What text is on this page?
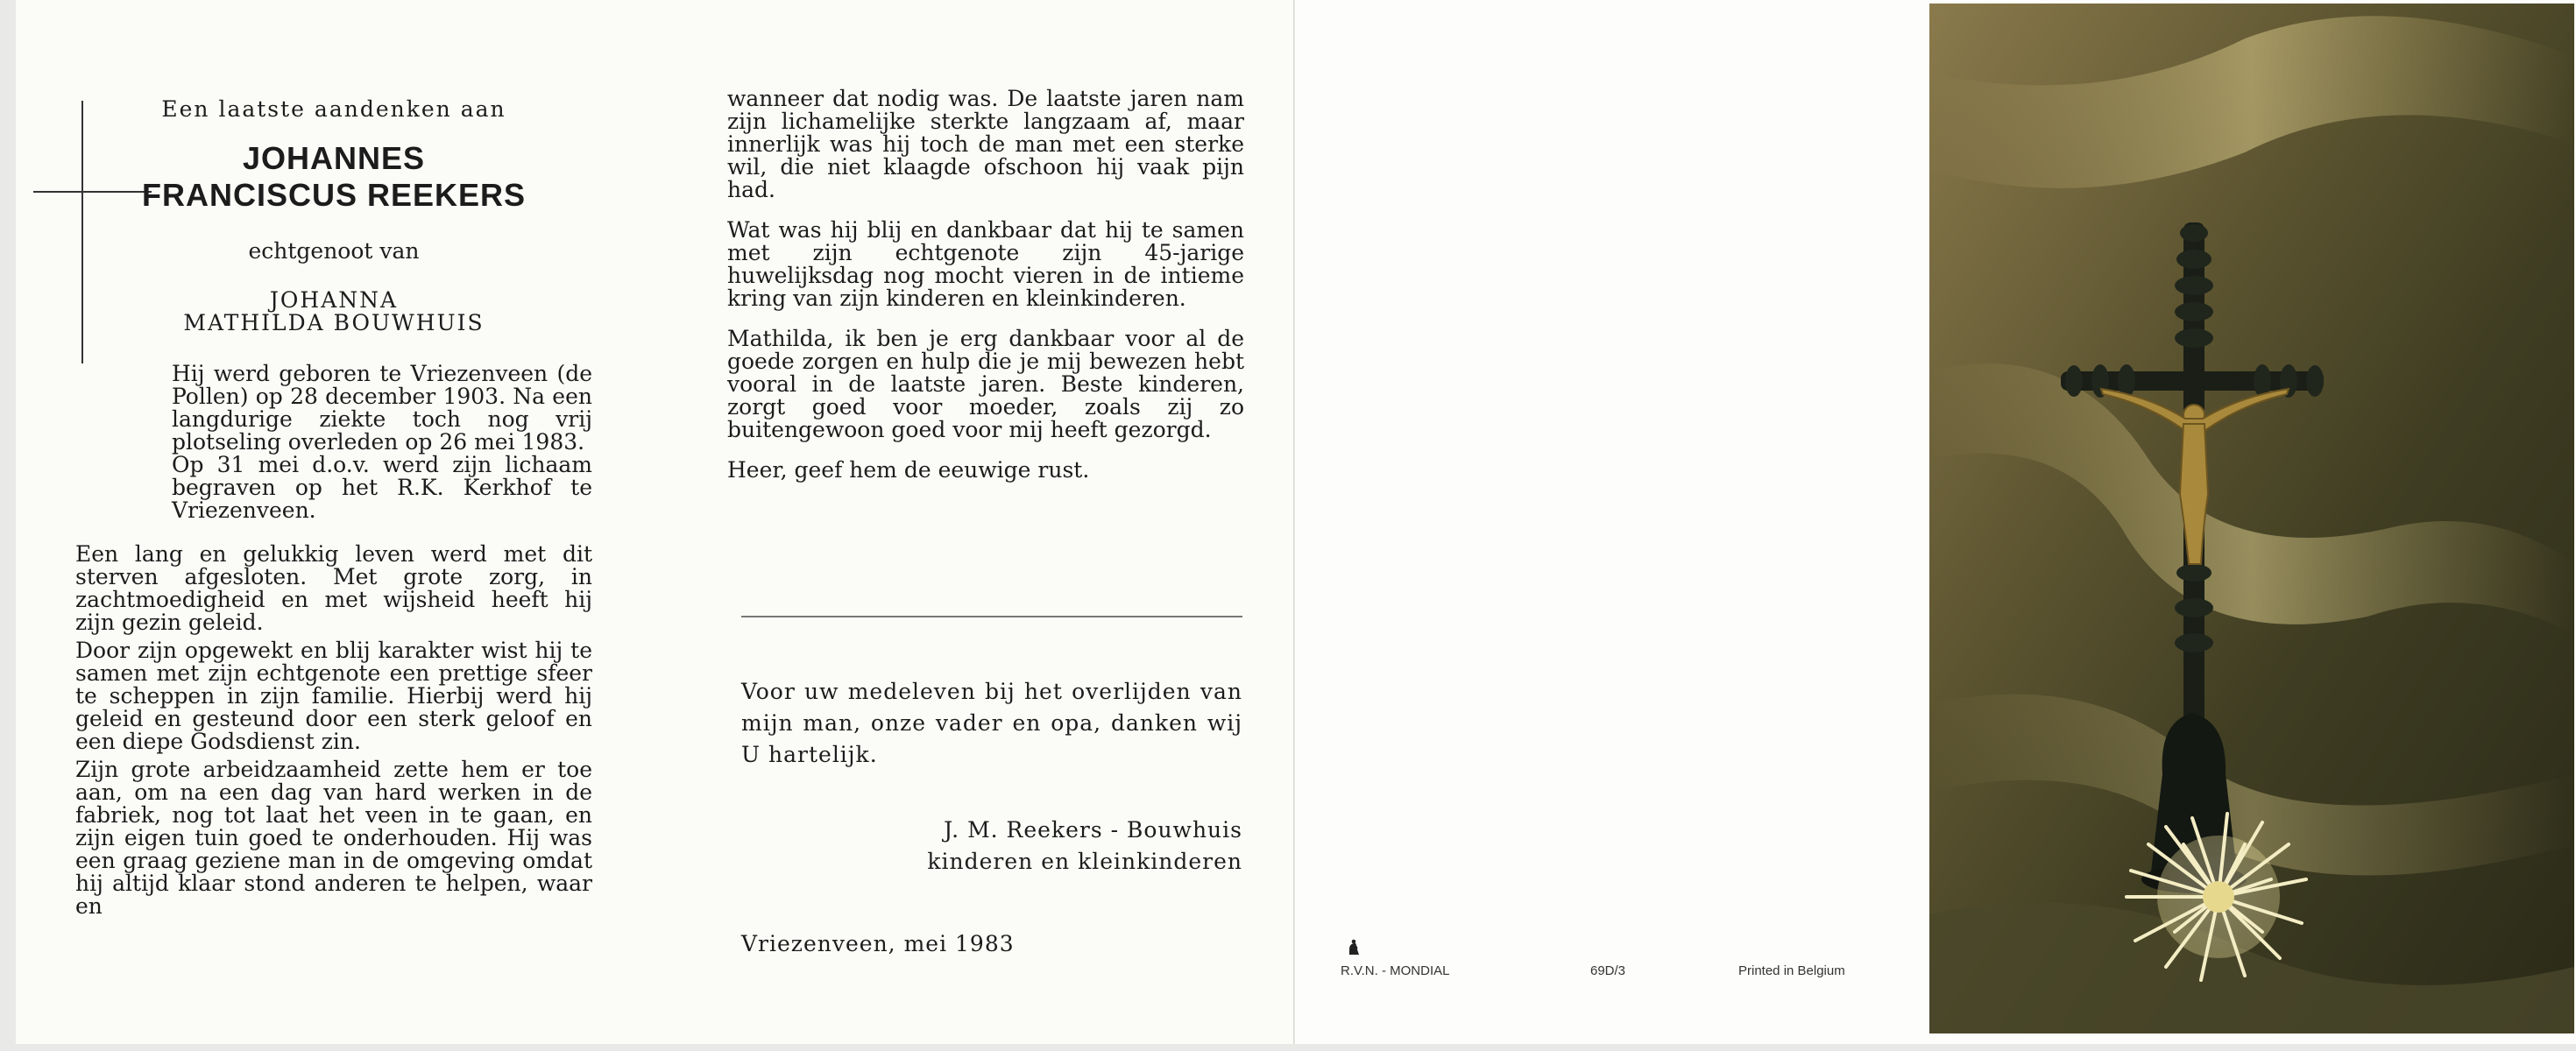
Een laatste aandenken aan

JOHANNES
FRANCISCUS REEKERS

echtgenoot van

JOHANNA
MATHILDA BOUWHUIS
Hij werd geboren te Vriezenveen (de Pollen) op 28 december 1903. Na een langdurige ziekte toch nog vrij plotseling overleden op 26 mei 1983.
Op 31 mei d.o.v. werd zijn lichaam begraven op het R.K. Kerkhof te Vriezenveen.

Een lang en gelukkig leven werd met dit sterven afgesloten. Met grote zorg, in zachtmoedigheid en met wijsheid heeft hij zijn gezin geleid.

Door zijn opgewekt en blij karakter wist hij te samen met zijn echtgenote een prettige sfeer te scheppen in zijn familie. Hierbij werd hij geleid en gesteund door een sterk geloof en een diepe Godsdienst zin.

Zijn grote arbeidzaamheid zette hem er toe aan, om na een dag van hard werken in de fabriek, nog tot laat het veen in te gaan, en zijn eigen tuin goed te onderhouden. Hij was een graag geziene man in de omgeving omdat hij altijd klaar stond anderen te helpen, waar en

wanneer dat nodig was. De laatste jaren nam zijn lichamelijke sterkte langzaam af, maar innerlijk was hij toch de man met een sterke wil, die niet klaagde ofschoon hij vaak pijn had.

Wat was hij blij en dankbaar dat hij te samen met zijn echtgenote zijn 45-jarige huwelijksdag nog mocht vieren in de intieme kring van zijn kinderen en kleinkinderen.

Mathilda, ik ben je erg dankbaar voor al de goede zorgen en hulp die je mij bewezen hebt vooral in de laatste jaren. Beste kinderen, zorgt goed voor moeder, zoals zij zo buitengewoon goed voor mij heeft gezorgd.

Heer, geef hem de eeuwige rust.

Voor uw medeleven bij het overlijden van mijn man, onze vader en opa, danken wij U hartelijk.
J. M. Reekers - Bouwhuis
kinderen en kleinkinderen
Vriezenveen, mei 1983
R.V.N. - MONDIAL	69D/3	Printed in Belgium
